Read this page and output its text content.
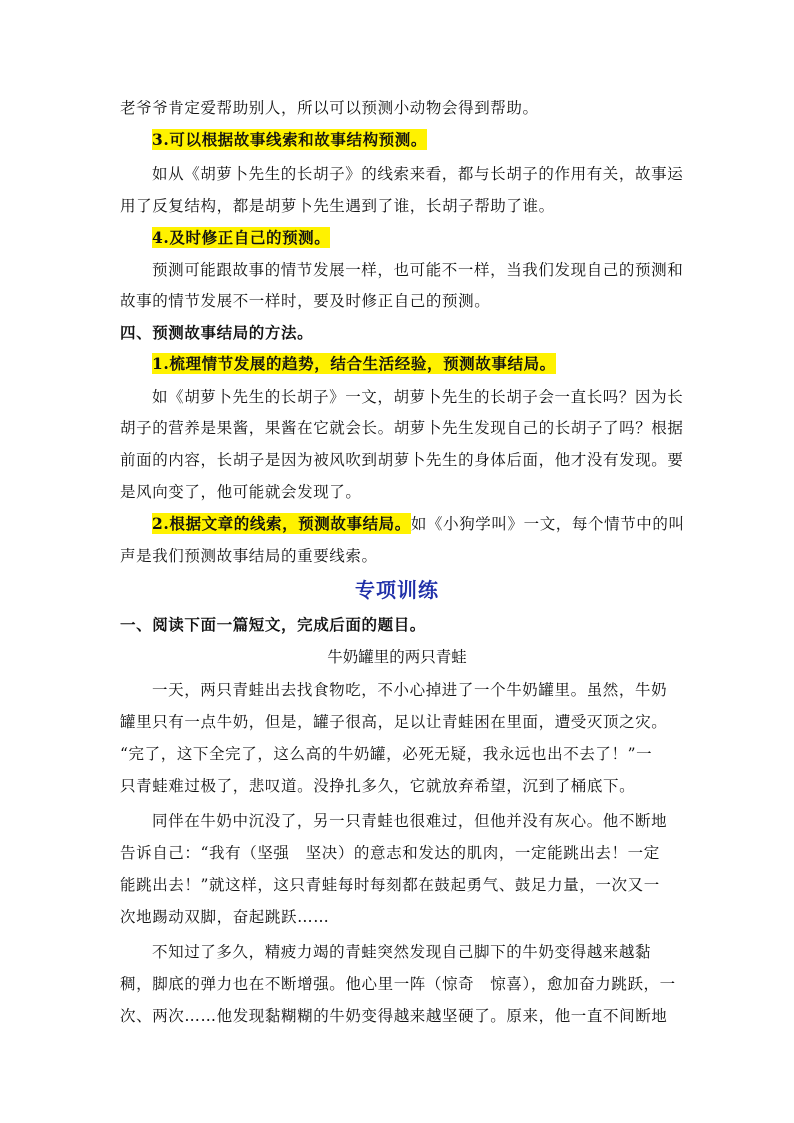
老爷爷肯定爱帮助别人，所以可以预测小动物会得到帮助。
3.可以根据故事线索和故事结构预测。
如从《胡萝卜先生的长胡子》的线索来看，都与长胡子的作用有关，故事运
用了反复结构，都是胡萝卜先生遇到了谁，长胡子帮助了谁。
4.及时修正自己的预测。
预测可能跟故事的情节发展一样，也可能不一样，当我们发现自己的预测和
故事的情节发展不一样时，要及时修正自己的预测。
四、预测故事结局的方法。
1.梳理情节发展的趋势，结合生活经验，预测故事结局。
如《胡萝卜先生的长胡子》一文，胡萝卜先生的长胡子会一直长吗？因为长
胡子的营养是果酱，果酱在它就会长。胡萝卜先生发现自己的长胡子了吗？根据
前面的内容，长胡子是因为被风吹到胡萝卜先生的身体后面，他才没有发现。要
是风向变了，他可能就会发现了。
2.根据文章的线索，预测故事结局。如《小狗学叫》一文，每个情节中的叫
声是我们预测故事结局的重要线索。
专项训练
一、阅读下面一篇短文，完成后面的题目。
牛奶罐里的两只青蛙
一天，两只青蛙出去找食物吃，不小心掉进了一个牛奶罐里。虽然，牛奶
罐里只有一点牛奶，但是，罐子很高，足以让青蛙困在里面，遭受灭顶之灾。
“完了，这下全完了，这么高的牛奶罐，必死无疑，我永远也出不去了！”一
只青蛙难过极了，悲叹道。没挣扎多久，它就放弃希望，沉到了桶底下。
同伴在牛奶中沉没了，另一只青蛙也很难过，但他并没有灰心。他不断地
告诉自己：“我有（坚强　坚决）的意志和发达的肌肉，一定能跳出去！一定
能跳出去！”就这样，这只青蛙每时每刻都在鼓起勇气、鼓足力量，一次又一
次地踢动双脚，奋起跳跃……
不知过了多久，精疲力竭的青蛙突然发现自己脚下的牛奶变得越来越黏
稠，脚底的弹力也在不断增强。他心里一阵（惊奇　惊喜），愈加奋力跳跃，一
次、两次……他发现黏糊糊的牛奶变得越来越坚硬了。原来，他一直不间断地
